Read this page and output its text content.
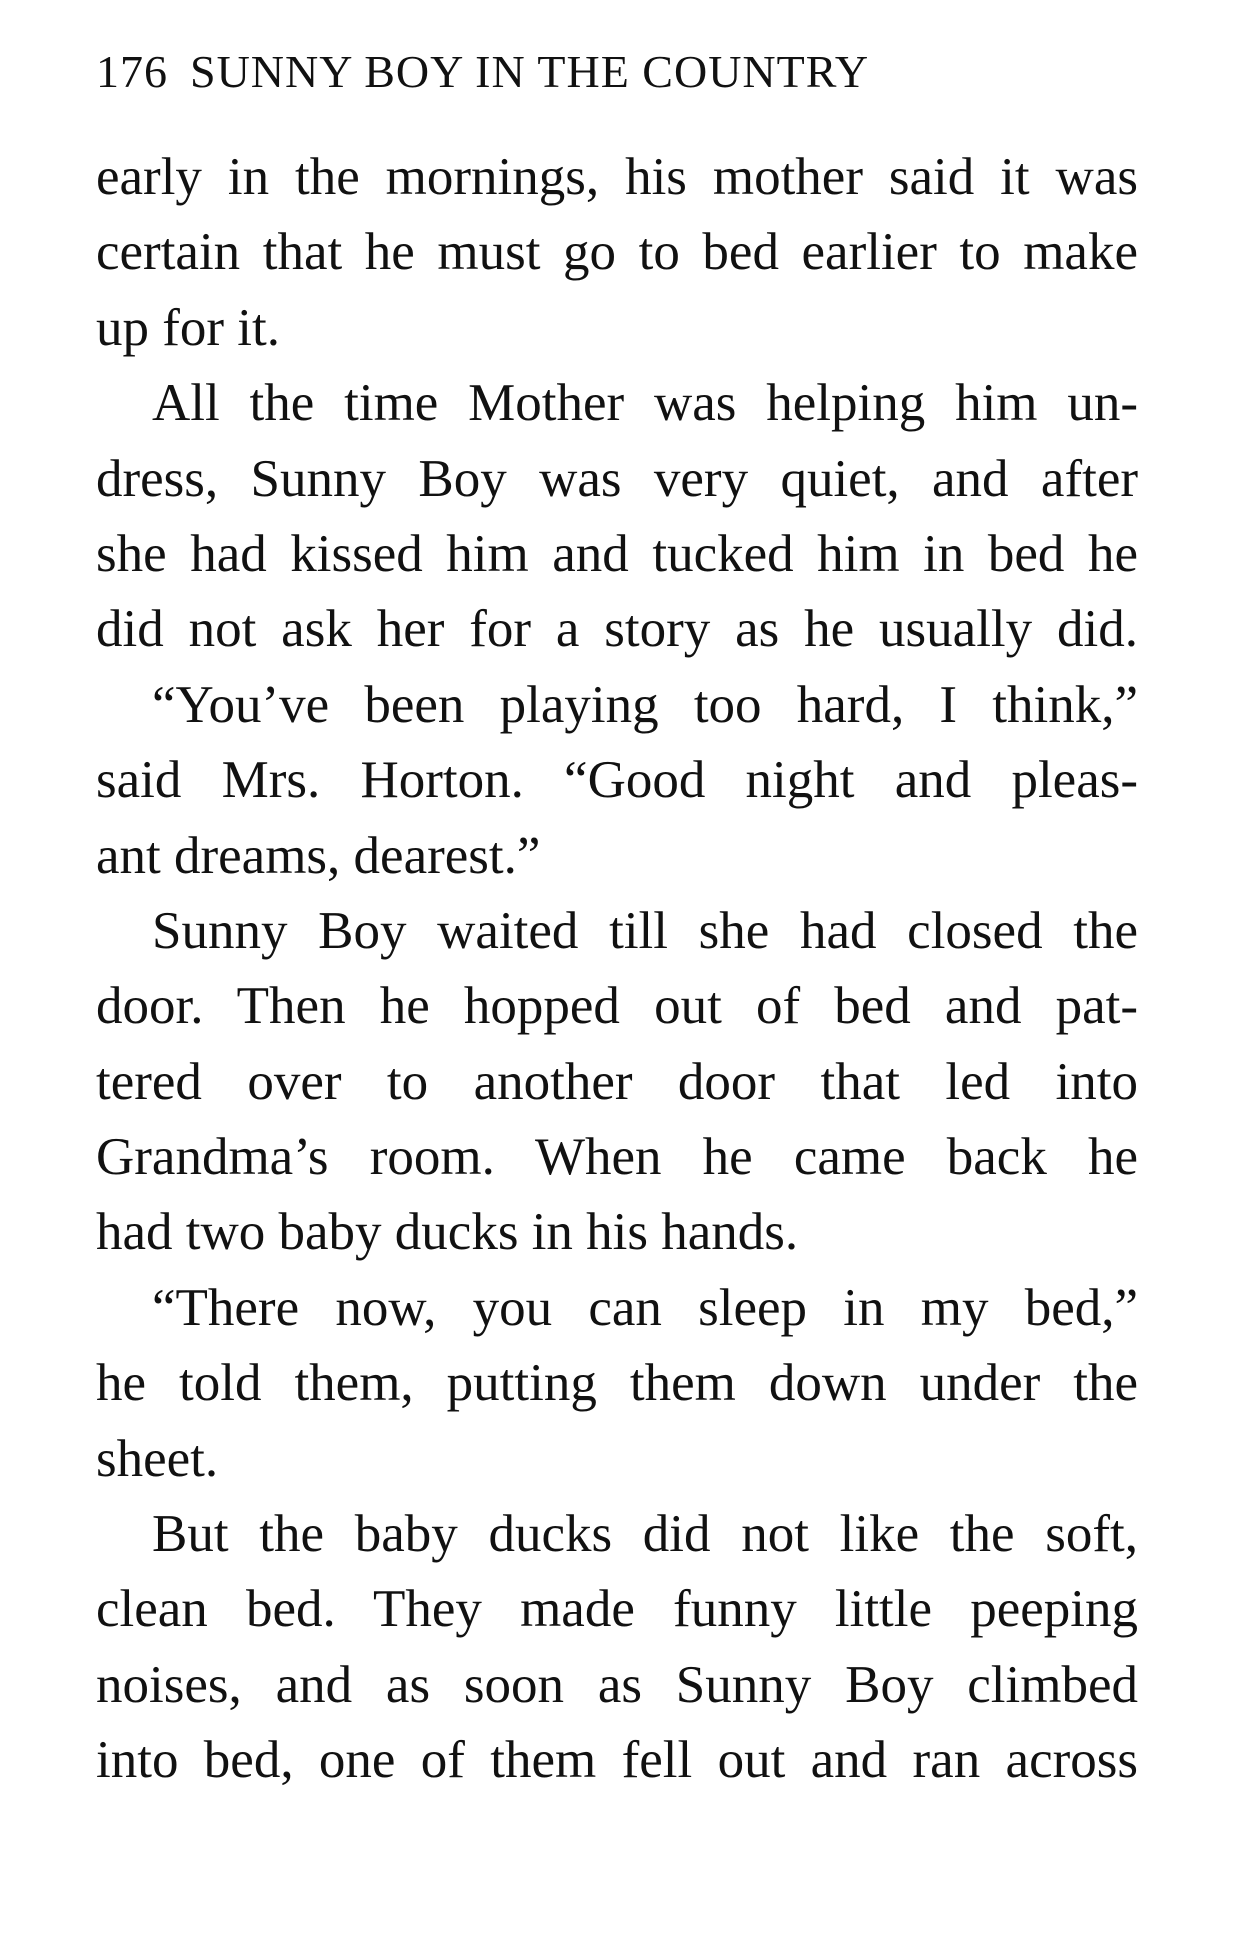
176 SUNNY BOY IN THE COUNTRY
early in the mornings, his mother said it was
certain that he must go to bed earlier to make
up for it.
All the time Mother was helping him un-
dress, Sunny Boy was very quiet, and after
she had kissed him and tucked him in bed he
did not ask her for a story as he usually did.
“You’ve been playing too hard, I think,”
said Mrs. Horton. “Good night and pleas-
ant dreams, dearest.”
Sunny Boy waited till she had closed the
door. Then he hopped out of bed and pat-
tered over to another door that led into
Grandma’s room. When he came back he
had two baby ducks in his hands.
“There now, you can sleep in my bed,”
he told them, putting them down under the
sheet.
But the baby ducks did not like the soft,
clean bed. They made funny little peeping
noises, and as soon as Sunny Boy climbed
into bed, one of them fell out and ran across
